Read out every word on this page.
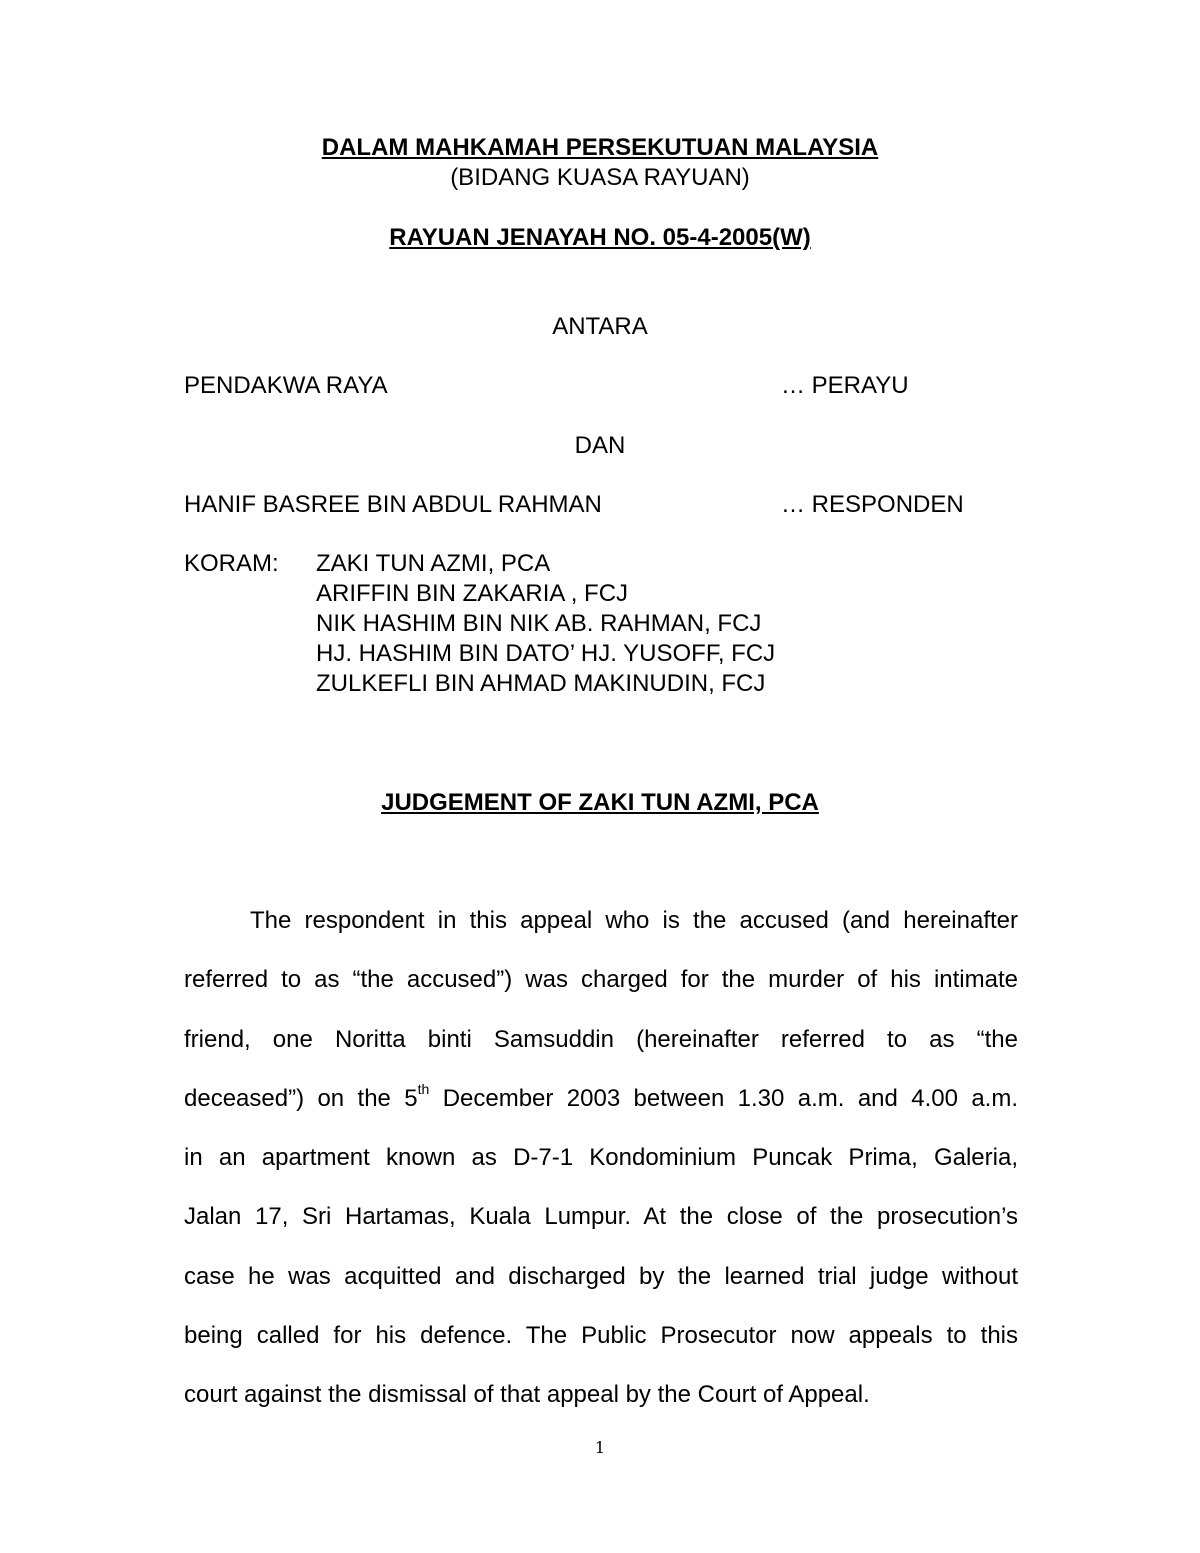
DALAM MAHKAMAH PERSEKUTUAN MALAYSIA
(BIDANG KUASA RAYUAN)
RAYUAN JENAYAH NO. 05-4-2005(W)
ANTARA
PENDAKWA RAYA	… PERAYU
DAN
HANIF BASREE BIN ABDUL RAHMAN	… RESPONDEN
KORAM: ZAKI TUN AZMI, PCA
ARIFFIN BIN ZAKARIA , FCJ
NIK HASHIM BIN NIK AB. RAHMAN, FCJ
HJ. HASHIM BIN DATO’ HJ. YUSOFF, FCJ
ZULKEFLI BIN AHMAD MAKINUDIN, FCJ
JUDGEMENT OF ZAKI TUN AZMI, PCA
The respondent in this appeal who is the accused (and hereinafter
referred to as “the accused”) was charged for the murder of his intimate
friend, one Noritta binti Samsuddin (hereinafter referred to as “the
deceased”) on the 5th December 2003 between 1.30 a.m. and 4.00 a.m.
in an apartment known as D-7-1 Kondominium Puncak Prima, Galeria,
Jalan 17, Sri Hartamas, Kuala Lumpur. At the close of the prosecution’s
case he was acquitted and discharged by the learned trial judge without
being called for his defence. The Public Prosecutor now appeals to this
court against the dismissal of that appeal by the Court of Appeal.
1
